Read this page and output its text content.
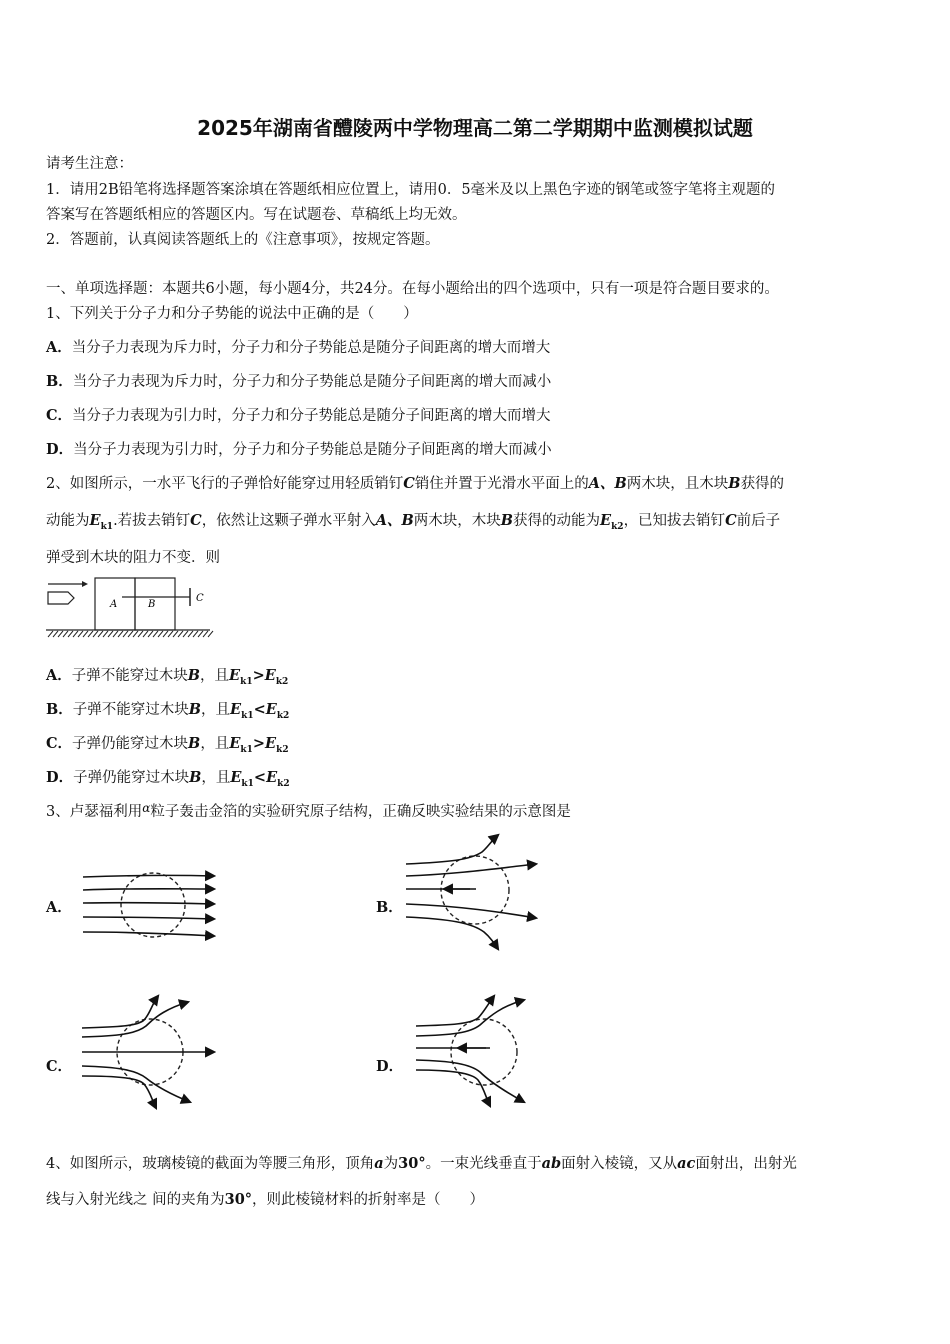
2025年湖南省醴陵两中学物理高二第二学期期中监测模拟试题
请考生注意：
1．请用2B铅笔将选择题答案涂填在答题纸相应位置上，请用0．5毫米及以上黑色字迹的钢笔或签字笔将主观题的
答案写在答题纸相应的答题区内。写在试题卷、草稿纸上均无效。
2．答题前，认真阅读答题纸上的《注意事项》，按规定答题。
一、单项选择题：本题共6小题，每小题4分，共24分。在每小题给出的四个选项中，只有一项是符合题目要求的。
1、下列关于分子力和分子势能的说法中正确的是（　　）
A．当分子力表现为斥力时，分子力和分子势能总是随分子间距离的增大而增大
B．当分子力表现为斥力时，分子力和分子势能总是随分子间距离的增大而减小
C．当分子力表现为引力时，分子力和分子势能总是随分子间距离的增大而增大
D．当分子力表现为引力时，分子力和分子势能总是随分子间距离的增大而减小
2、如图所示，一水平飞行的子弹恰好能穿过用轻质销钉C销住并置于光滑水平面上的A、B两木块，且木块B获得的
动能为$E_{k1}$.若拔去销钉C，依然让这颗子弹水平射入A、B两木块，木块B获得的动能为$E_{k2}$，已知拔去销钉C前后子
弹受到木块的阻力不变．则
A	B
C
A．子弹不能穿过木块B，且$E_{k1}>E_{k2}$
B．子弹不能穿过木块B，且$E_{k1}<E_{k2}$
C．子弹仍能穿过木块B，且$E_{k1}>E_{k2}$
D．子弹仍能穿过木块B，且$E_{k1}<E_{k2}$
3、卢瑟福利用$^\alpha$粒子轰击金箔的实验研究原子结构，正确反映实验结果的示意图是
A．	B．
C．	D．
4、如图所示，玻璃棱镜的截面为等腰三角形，顶角a为30°。一束光线垂直于ab面射入棱镜，又从ac面射出，出射光
线与入射光线之 间的夹角为30°，则此棱镜材料的折射率是（　　）
